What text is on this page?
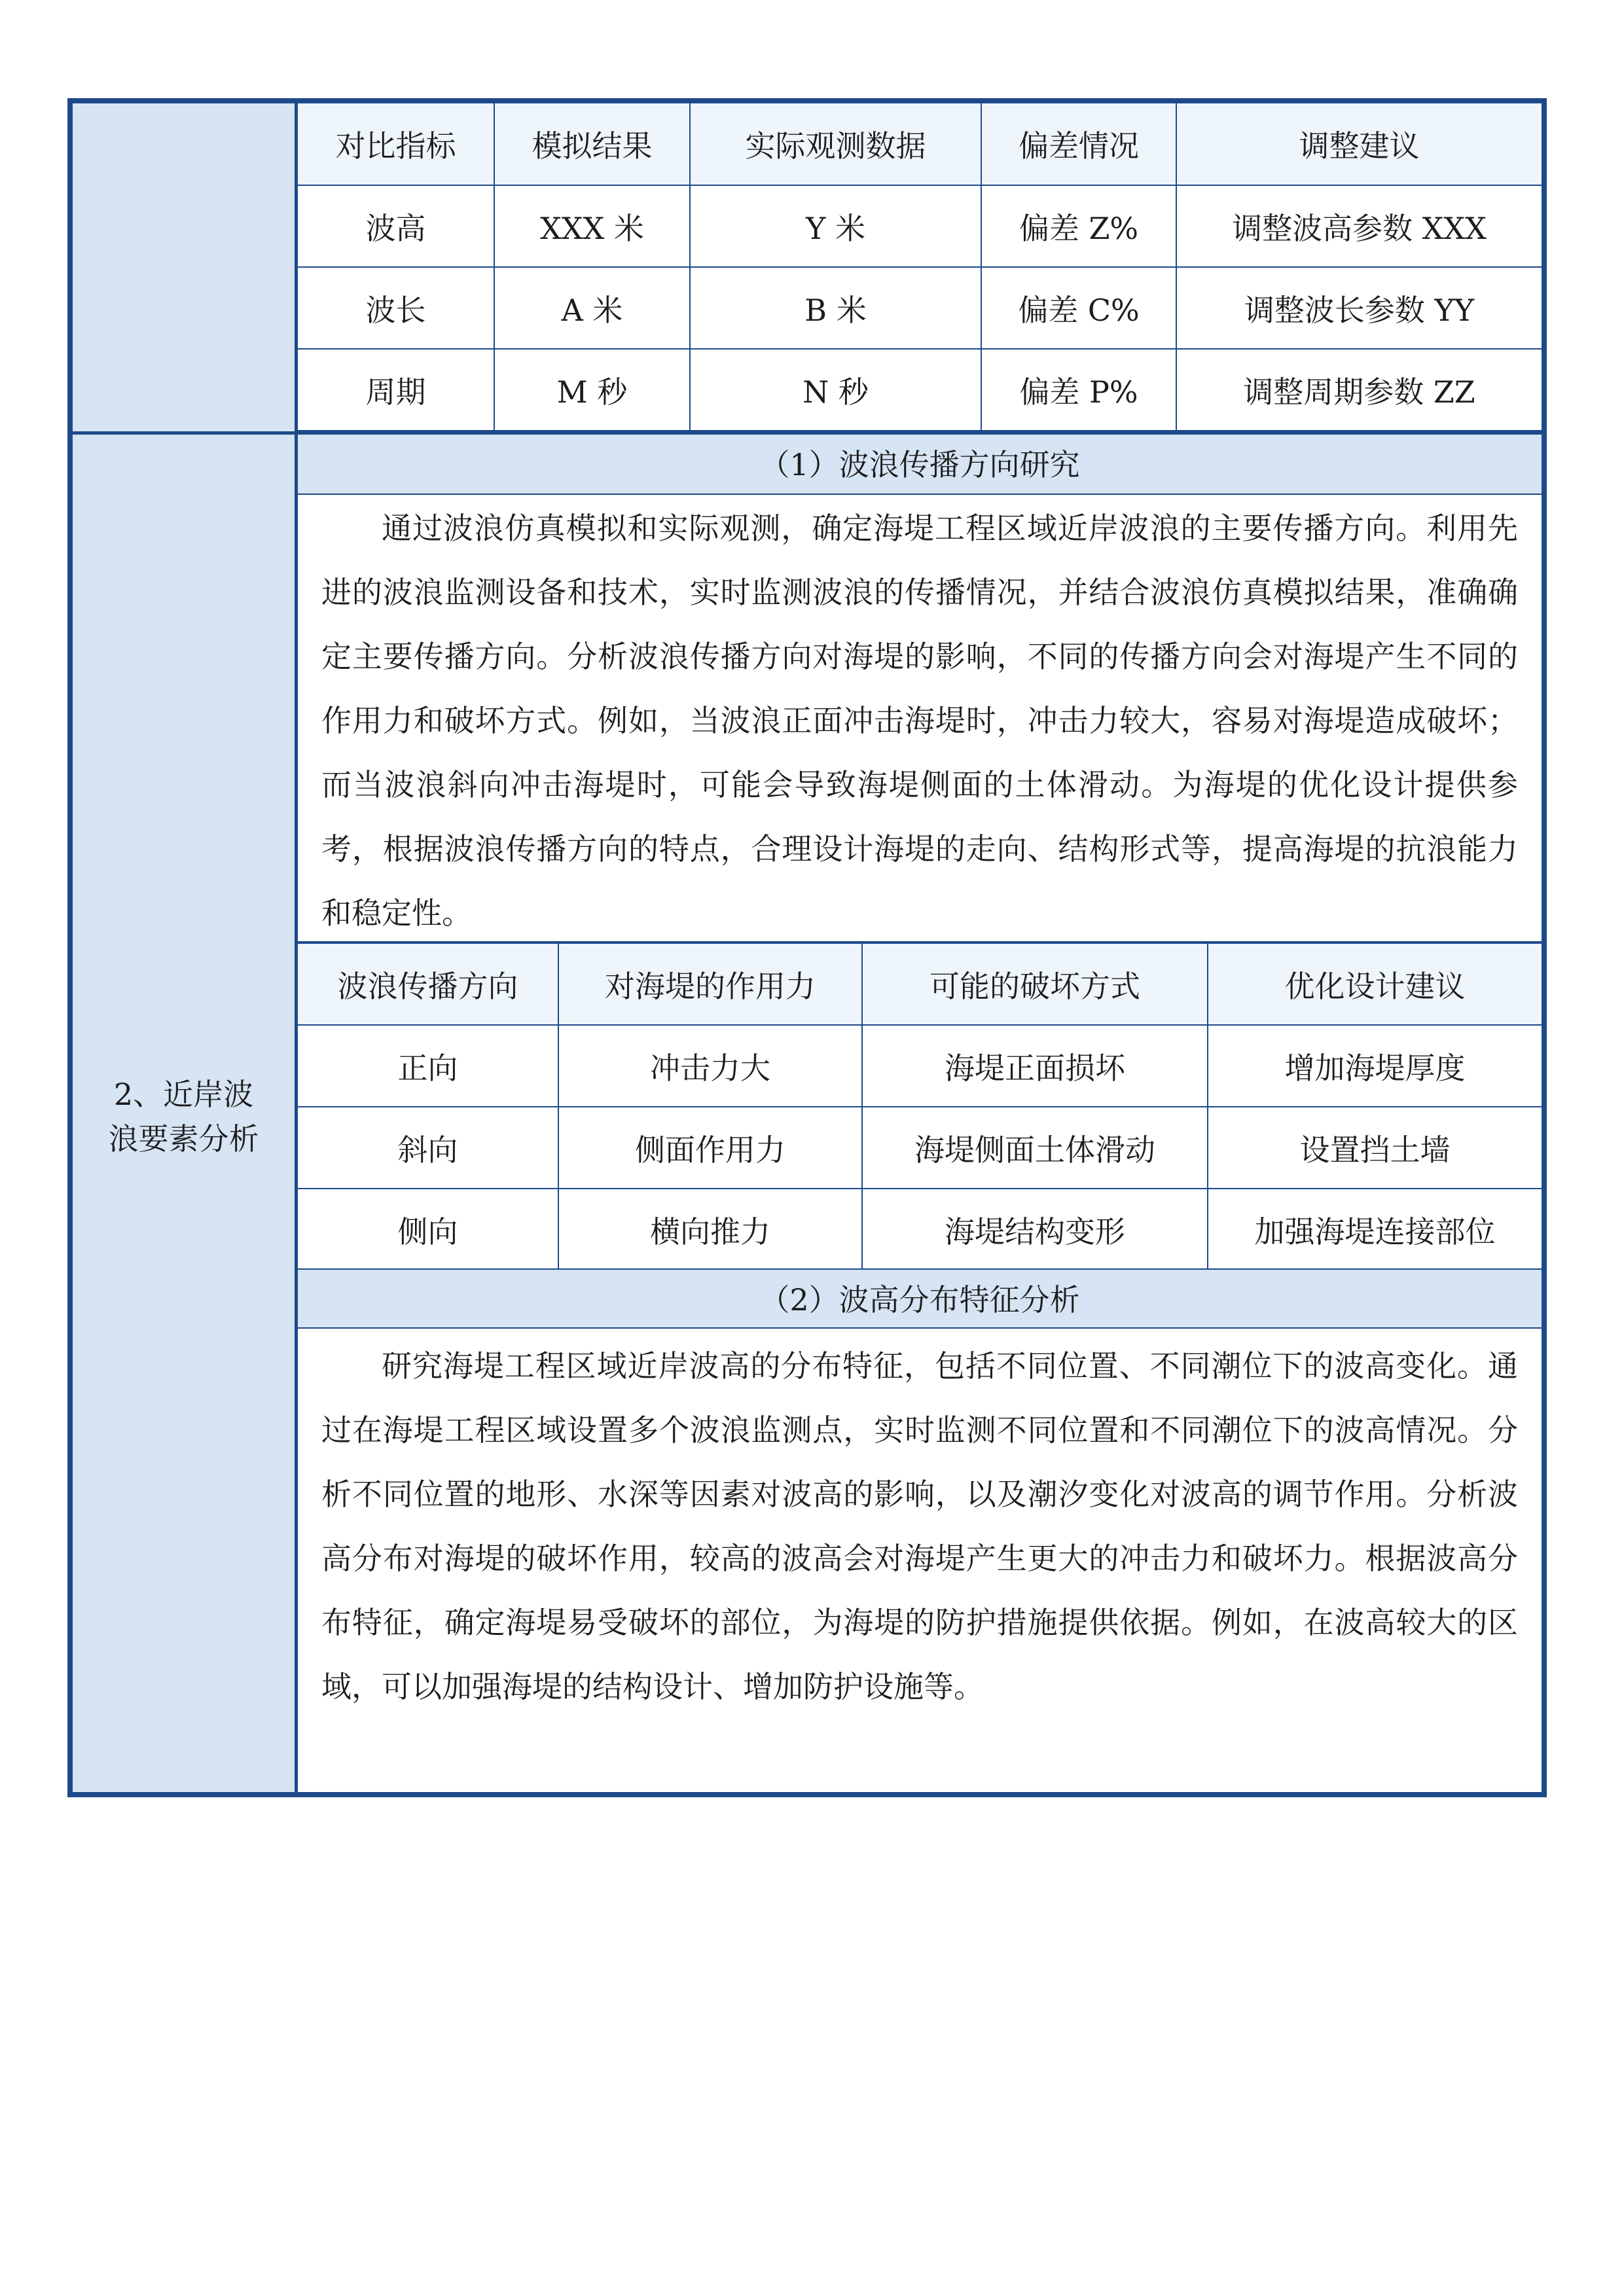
2、近岸波
浪要素分析
对比指标	模拟结果	实际观测数据	偏差情况	调整建议
波高	XXX 米	Y 米	偏差 Z%	调整波高参数 XXX
波长	A 米	B 米	偏差 C%	调整波长参数 YY
周期	M 秒	N 秒	偏差 P%	调整周期参数 ZZ
（1）波浪传播方向研究
通过波浪仿真模拟和实际观测，确定海堤工程区域近岸波浪的主要传播方向。利用先进的波浪监测设备和技术，实时监测波浪的传播情况，并结合波浪仿真模拟结果，准确确定主要传播方向。分析波浪传播方向对海堤的影响，不同的传播方向会对海堤产生不同的作用力和破坏方式。例如，当波浪正面冲击海堤时，冲击力较大，容易对海堤造成破坏；而当波浪斜向冲击海堤时，可能会导致海堤侧面的土体滑动。为海堤的优化设计提供参考，根据波浪传播方向的特点，合理设计海堤的走向、结构形式等，提高海堤的抗浪能力和稳定性。
波浪传播方向	对海堤的作用力	可能的破坏方式	优化设计建议
正向	冲击力大	海堤正面损坏	增加海堤厚度
斜向	侧面作用力	海堤侧面土体滑动	设置挡土墙
侧向	横向推力	海堤结构变形	加强海堤连接部位
（2）波高分布特征分析
研究海堤工程区域近岸波高的分布特征，包括不同位置、不同潮位下的波高变化。通过在海堤工程区域设置多个波浪监测点，实时监测不同位置和不同潮位下的波高情况。分析不同位置的地形、水深等因素对波高的影响，以及潮汐变化对波高的调节作用。分析波高分布对海堤的破坏作用，较高的波高会对海堤产生更大的冲击力和破坏力。根据波高分布特征，确定海堤易受破坏的部位，为海堤的防护措施提供依据。例如，在波高较大的区域，可以加强海堤的结构设计、增加防护设施等。
